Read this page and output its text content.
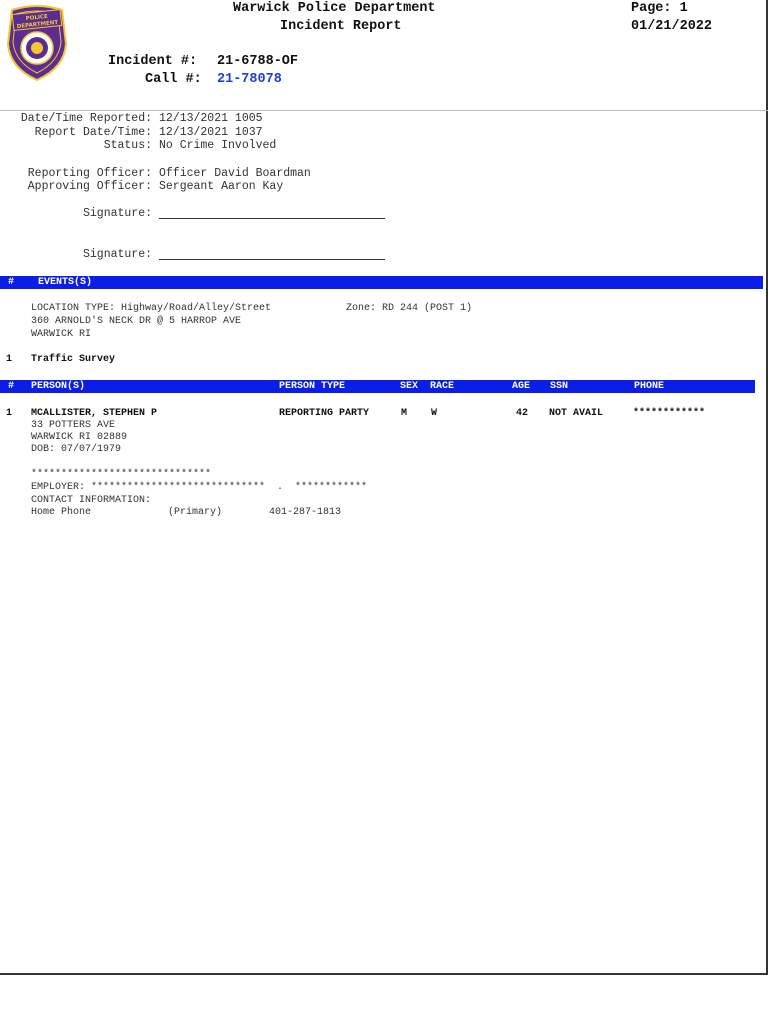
POLICE
DEPARTMENT
Warwick Police Department
Incident Report
Page: 1
01/21/2022
Incident #: 21-6788-OF
Call #: 21-78078
Date/Time Reported: 12/13/2021 1005
Report Date/Time: 12/13/2021 1037
Status: No Crime Involved
Reporting Officer: Officer David Boardman
Approving Officer: Sergeant Aaron Kay
Signature:
Signature:
# EVENTS(S)
LOCATION TYPE: Highway/Road/Alley/Street	Zone: RD 244 (POST 1)
360 ARNOLD'S NECK DR @ 5 HARROP AVE
WARWICK RI
1 Traffic Survey
# PERSON(S)	PERSON TYPE	SEX RACE	AGE SSN	PHONE
1 MCALLISTER, STEPHEN P	REPORTING PARTY	M W	42 NOT AVAIL	************
33 POTTERS AVE
WARWICK RI 02889
DOB: 07/07/1979
******************************
EMPLOYER: *****************************  .  ************
CONTACT INFORMATION:
Home Phone	(Primary)	401-287-1813
